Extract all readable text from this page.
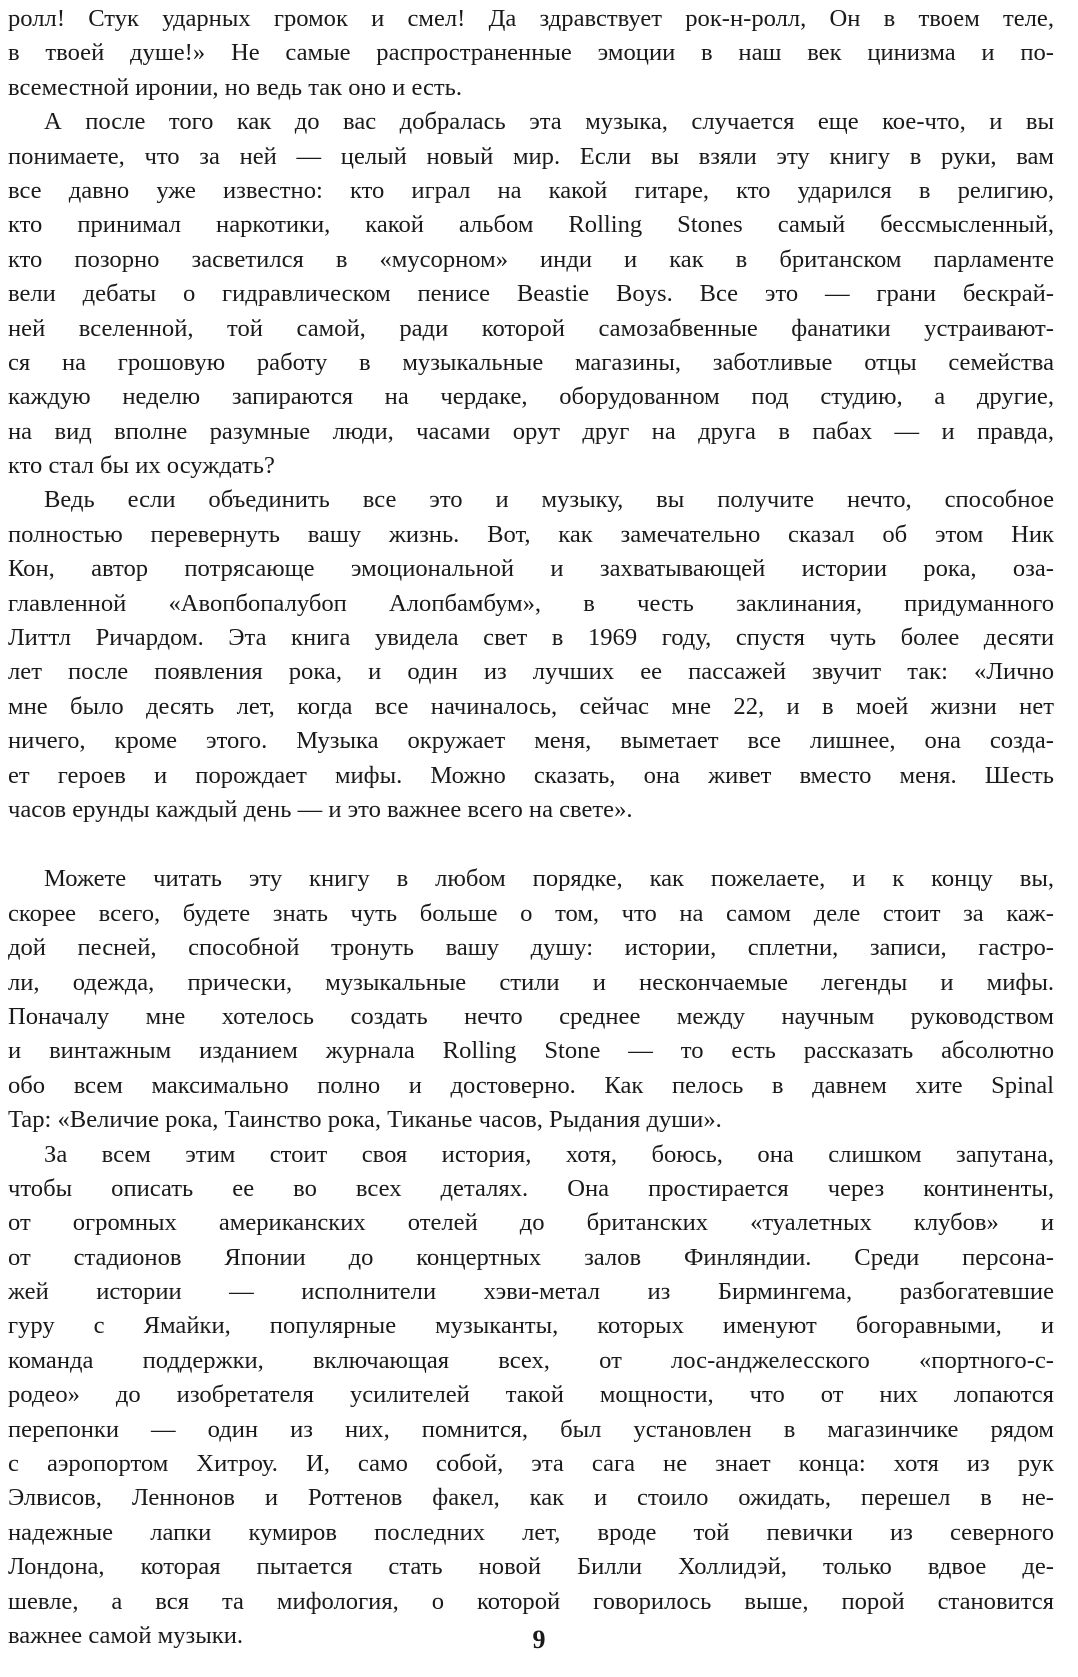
ролл! Стук ударных громок и смел! Да здравствует рок-н-ролл, Он в твоем теле,
в твоей душе!» Не самые распространенные эмоции в наш век цинизма и по-
всеместной иронии, но ведь так оно и есть.
А после того как до вас добралась эта музыка, случается еще кое-что, и вы
понимаете, что за ней — целый новый мир. Если вы взяли эту книгу в руки, вам
все давно уже известно: кто играл на какой гитаре, кто ударился в религию,
кто принимал наркотики, какой альбом Rolling Stones самый бессмысленный,
кто позорно засветился в «мусорном» инди и как в британском парламенте
вели дебаты о гидравлическом пенисе Beastie Boys. Все это — грани бескрай-
ней вселенной, той самой, ради которой самозабвенные фанатики устраивают-
ся на грошовую работу в музыкальные магазины, заботливые отцы семейства
каждую неделю запираются на чердаке, оборудованном под студию, а другие,
на вид вполне разумные люди, часами орут друг на друга в пабах — и правда,
кто стал бы их осуждать?
Ведь если объединить все это и музыку, вы получите нечто, способное
полностью перевернуть вашу жизнь. Вот, как замечательно сказал об этом Ник
Кон, автор потрясающе эмоциональной и захватывающей истории рока, оза-
главленной «Авопбопалубоп Алопбамбум», в честь заклинания, придуманного
Литтл Ричардом. Эта книга увидела свет в 1969 году, спустя чуть более десяти
лет после появления рока, и один из лучших ее пассажей звучит так: «Лично
мне было десять лет, когда все начиналось, сейчас мне 22, и в моей жизни нет
ничего, кроме этого. Музыка окружает меня, выметает все лишнее, она созда-
ет героев и порождает мифы. Можно сказать, она живет вместо меня. Шесть
часов ерунды каждый день — и это важнее всего на свете».
Можете читать эту книгу в любом порядке, как пожелаете, и к концу вы,
скорее всего, будете знать чуть больше о том, что на самом деле стоит за каж-
дой песней, способной тронуть вашу душу: истории, сплетни, записи, гастро-
ли, одежда, прически, музыкальные стили и нескончаемые легенды и мифы.
Поначалу мне хотелось создать нечто среднее между научным руководством
и винтажным изданием журнала Rolling Stone — то есть рассказать абсолютно
обо всем максимально полно и достоверно. Как пелось в давнем хите Spinal
Tap: «Величие рока, Таинство рока, Тиканье часов, Рыдания души».
За всем этим стоит своя история, хотя, боюсь, она слишком запутана,
чтобы описать ее во всех деталях. Она простирается через континенты,
от огромных американских отелей до британских «туалетных клубов» и
от стадионов Японии до концертных залов Финляндии. Среди персона-
жей истории — исполнители хэви-метал из Бирмингема, разбогатевшие
гуру с Ямайки, популярные музыканты, которых именуют богоравными, и
команда поддержки, включающая всех, от лос-анджелесского «портного-с-
родео» до изобретателя усилителей такой мощности, что от них лопаются
перепонки — один из них, помнится, был установлен в магазинчике рядом
с аэропортом Хитроу. И, само собой, эта сага не знает конца: хотя из рук
Элвисов, Леннонов и Роттенов факел, как и стоило ожидать, перешел в не-
надежные лапки кумиров последних лет, вроде той певички из северного
Лондона, которая пытается стать новой Билли Холлидэй, только вдвое де-
шевле, а вся та мифология, о которой говорилось выше, порой становится
важнее самой музыки.	9
